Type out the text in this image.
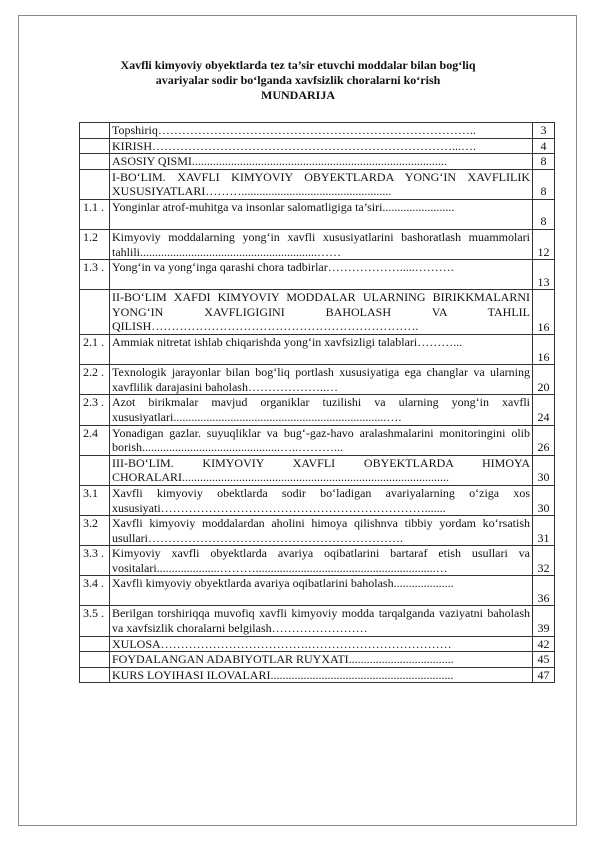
Xavfli kimyoviy obyektlarda tez ta’sir etuvchi moddalar bilan bog‘liq
avariyalar sodir bo‘lganda xavfsizlik choralarni ko‘rish
MUNDARIJA
	Topshiriq……………………………………………………………………..	3
	KIRISH…………………………………………………………………...….	4
	ASOSIY QISMI.....................................................................................	8
	I-BO‘LIM. XAVFLI KIMYOVIY OBYEKTLARDA YONG‘IN XAVFLILIK XUSUSIYATLARI………..................................................	8
1.1 .	Yonginlar atrof-muhitga va insonlar salomatligiga ta’siri........................	8
1.2	Kimyoviy moddalarning yong‘in xavfli xususiyatlarini bashoratlash muammolari tahlili...........................................................……	12
1.3 .	Yong‘in va yong‘inga qarashi chora tadbirlar……………….....……….	13
	II-BO‘LIM XAFDI KIMYOVIY MODDALAR ULARNING BIRIKKMALARNI YONG‘IN XAVFLIGIGINI BAHOLASH VA TAHLIL QILISH………………………………………………………….	16
2.1 .	Ammiak nitretat ishlab chiqarishda yong‘in xavfsizligi talablari………...	16
2.2 .	Texnologik jarayonlar bilan bog‘liq portlash xususiyatiga ega changlar va ularning xavflilik darajasini baholash………………..…	20
2.3 .	Azot birikmalar mavjud organiklar tuzilishi va ularning yong‘in xavfli xususiyatlari.......................................................................….	24
2.4	Yonadigan gazlar. suyuqliklar va bug‘-gaz-havo aralashmalarini monitoringini olib borish..............................................…..………...	26
	III-BO‘LIM. KIMYOVIY XAVFLI OBYEKTLARDA HIMOYA CHORALARI.........................................................................................	30
3.1	Xavfli kimyoviy obektlarda sodir bo‘ladigan avariyalarning o‘ziga xos xususiyati………………………………………………………….......	30
3.2	Xavfli kimyoviy moddalardan aholini himoya qilishnva tibbiy yordam ko‘rsatish usullari……………………………………………………….	31
3.3 .	Kimyoviy xavfli obyektlarda avariya oqibatlarini bartaraf etish usullari va vositalari.....................………............................................................…	32
3.4 .	Xavfli kimyoviy obyektlarda avariya oqibatlarini baholash....................	36
3.5 .	Berilgan torshiriqqa muvofiq xavfli kimyoviy modda tarqalganda vaziyatni baholash va xavfsizlik choralarni belgilash……………………	39
	XULOSA……………………………….………………………………	42
	FOYDALANGAN ADABIYOTLAR RUYXATI...................................	45
	KURS LOYIHASI ILOVALARI.............................................................	47
